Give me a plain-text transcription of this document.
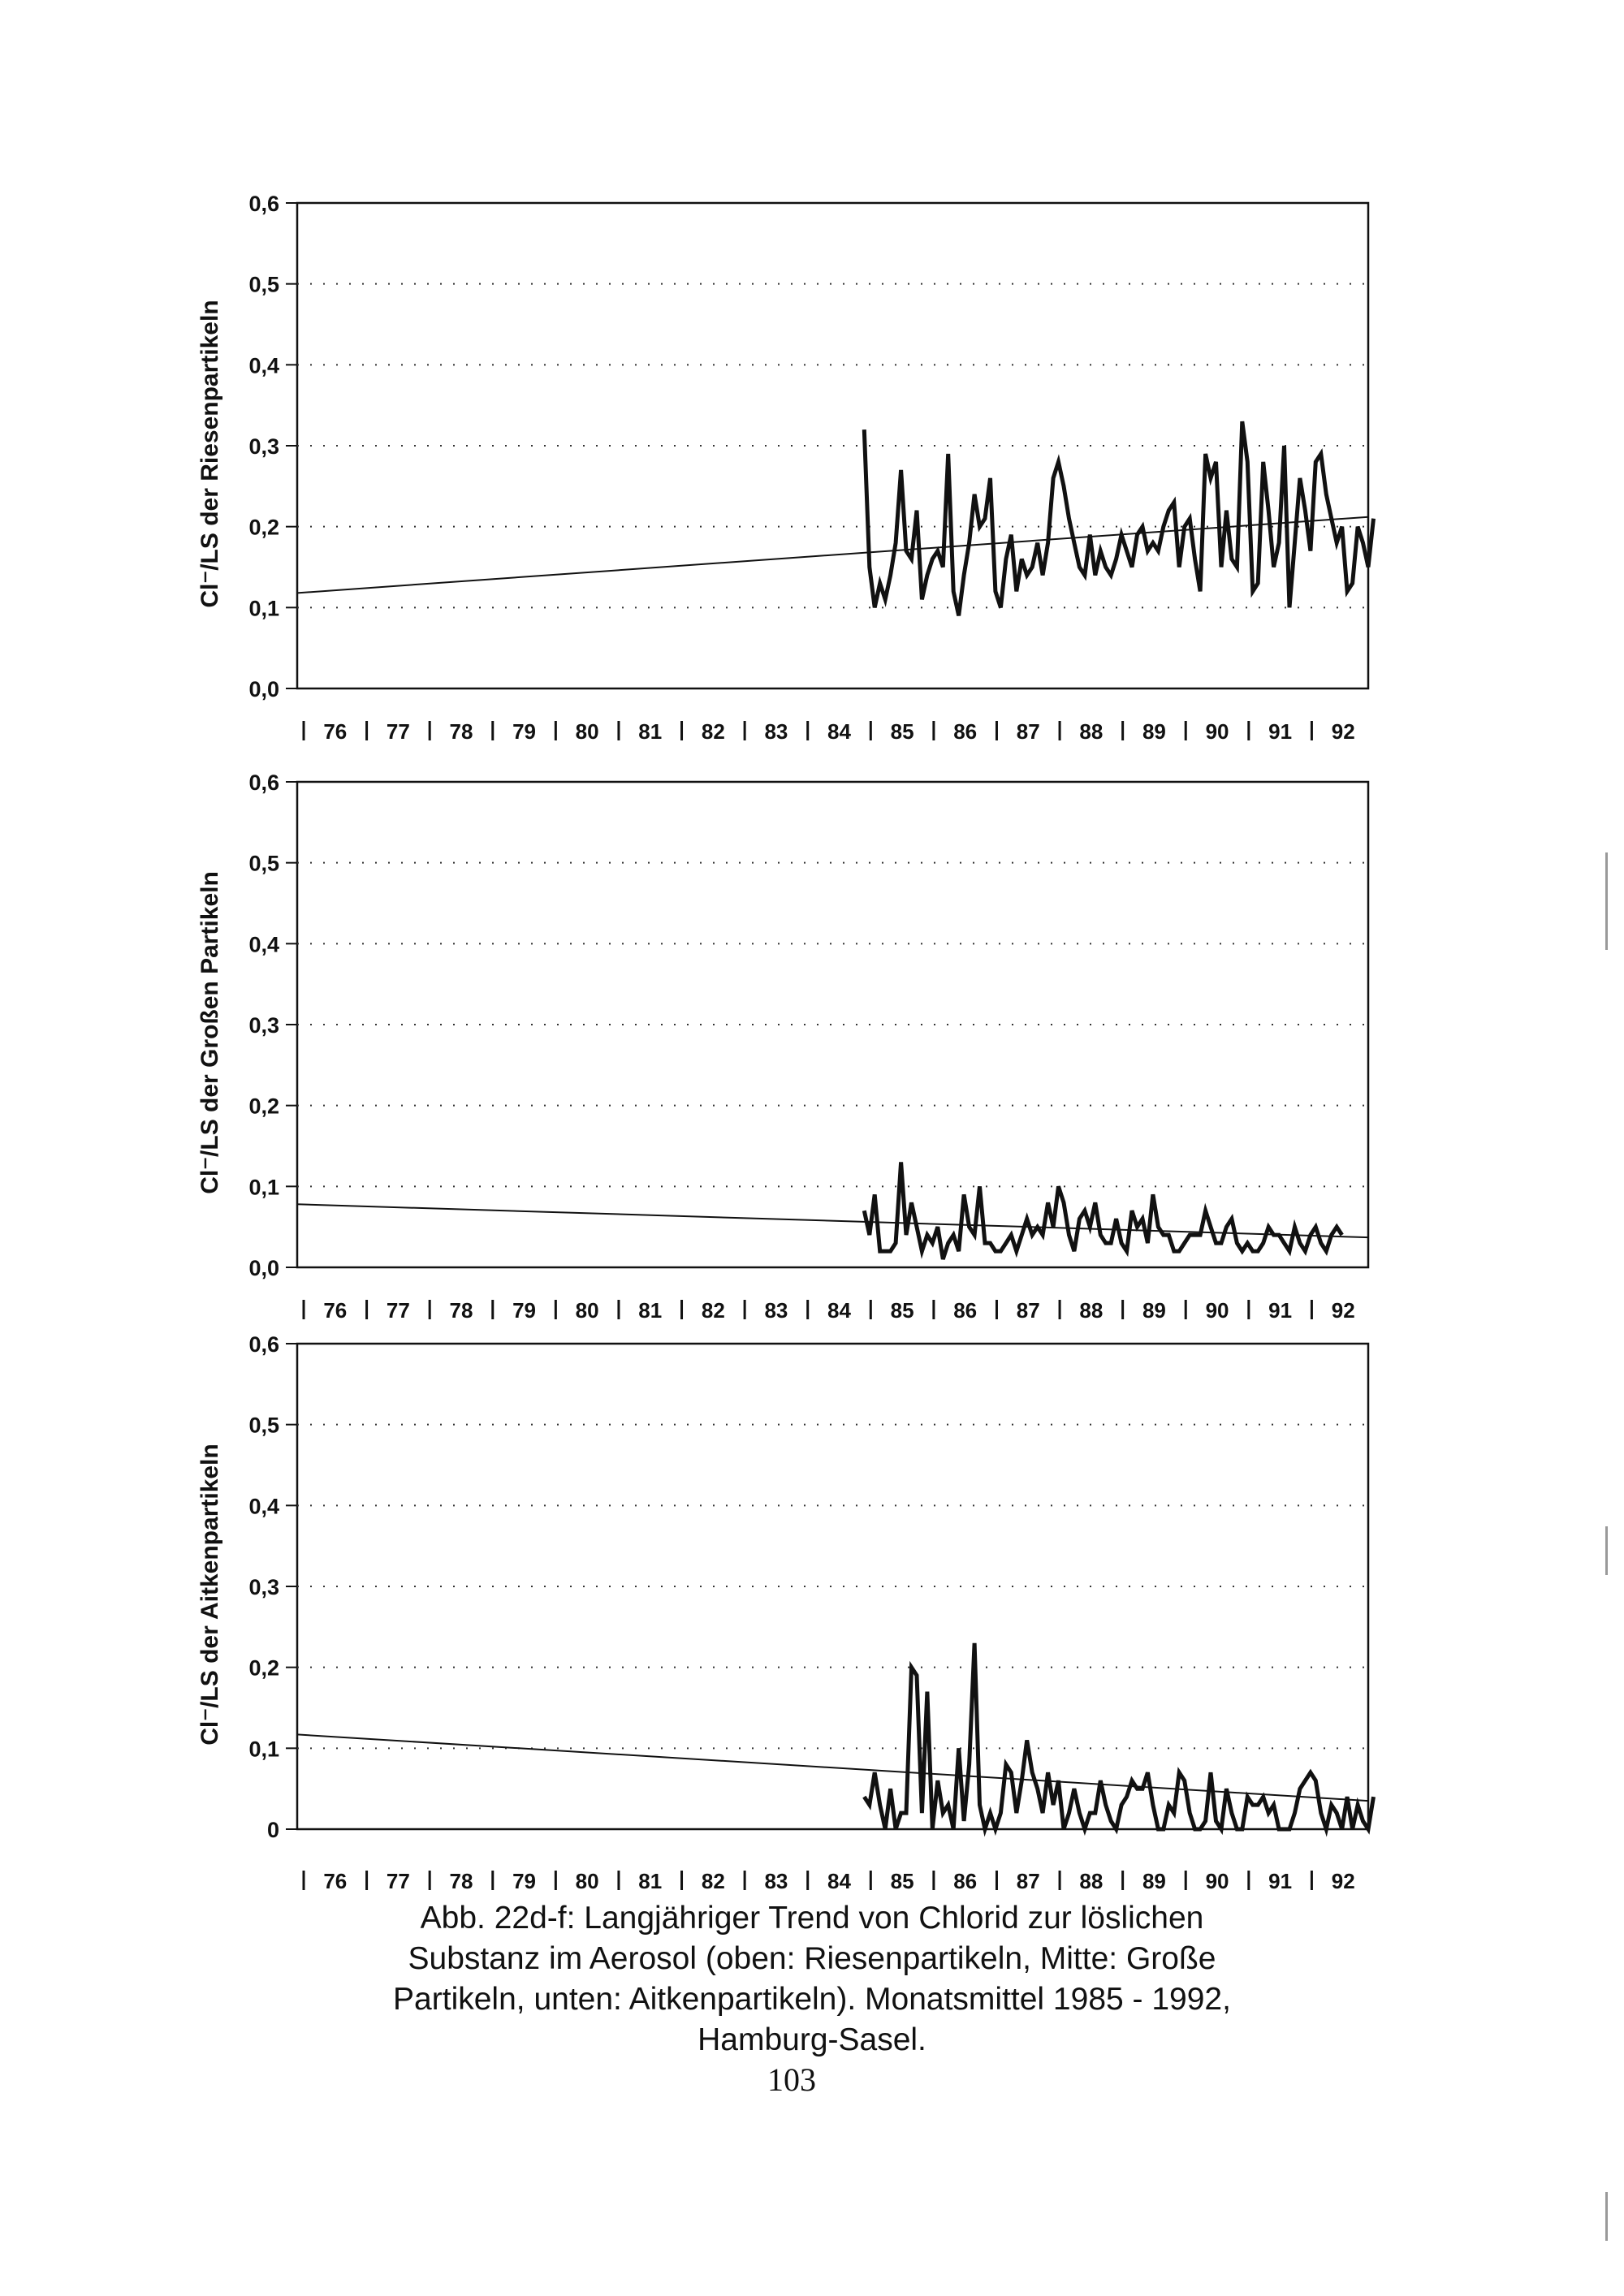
0,6
0,5
0,4
0,3
0,2
0,1
0,0
Cl⁻/LS der Riesenpartikeln
76 77 78 79 80 81 82 83 84 85 86 87 88 89 90 91 92
0,6
0,5
0,4
0,3
0,2
0,1
0,0
Cl⁻/LS der Großen Partikeln
76 77 78 79 80 81 82 83 84 85 86 87 88 89 90 91 92
0,6
0,5
0,4
0,3
0,2
0,1
0
Cl⁻/LS der Aitkenpartikeln
76 77 78 79 80 81 82 83 84 85 86 87 88 89 90 91 92
Abb. 22d-f: Langjähriger Trend von Chlorid zur löslichen
Substanz im Aerosol (oben: Riesenpartikeln, Mitte: Große
Partikeln, unten: Aitkenpartikeln). Monatsmittel 1985 - 1992,
Hamburg-Sasel.
103
